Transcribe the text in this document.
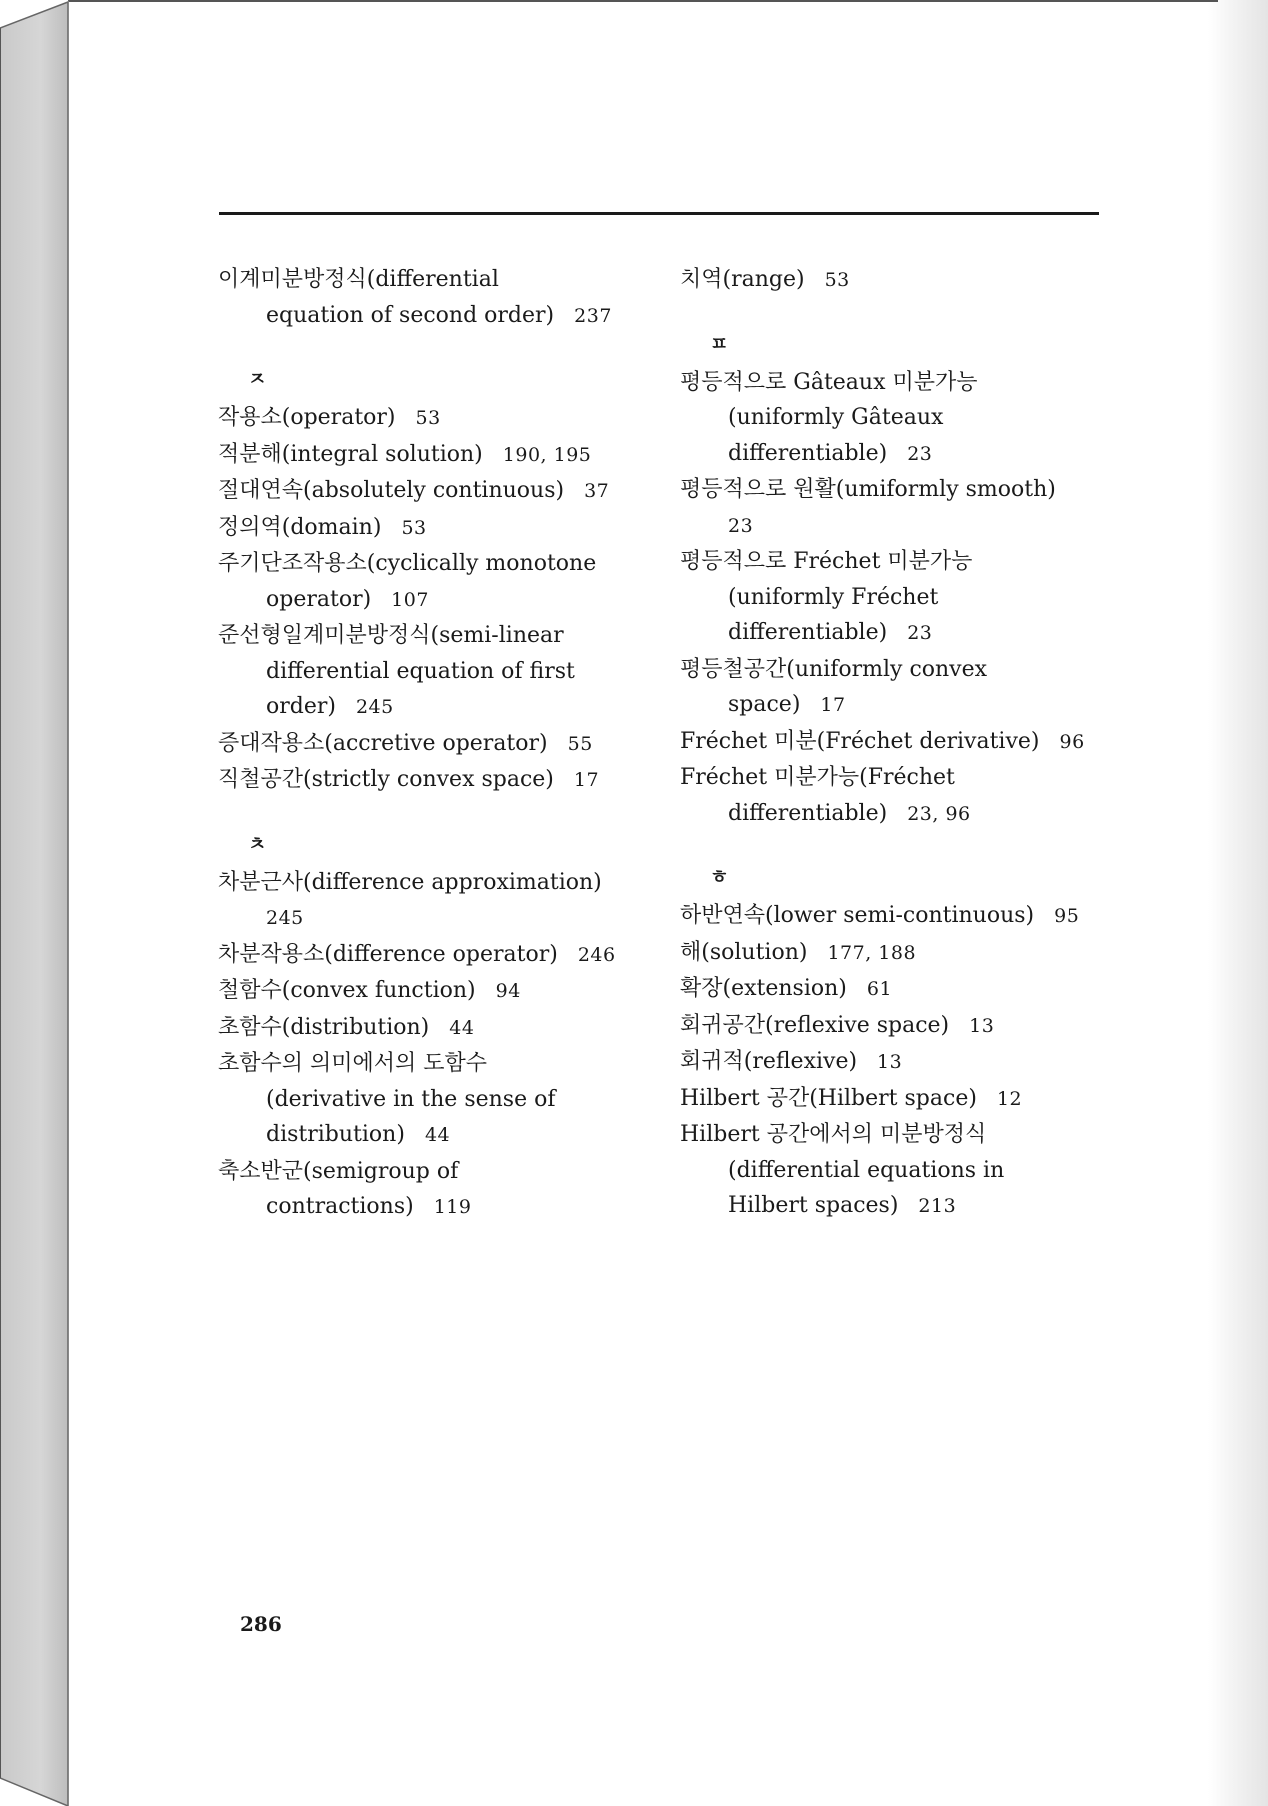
이계미분방정식(differential
equation of second order) 237
ㅈ
작용소(operator) 53
적분해(integral solution) 190, 195
절대연속(absolutely continuous) 37
정의역(domain) 53
주기단조작용소(cyclically monotone
operator) 107
준선형일계미분방정식(semi-linear
differential equation of first
order) 245
증대작용소(accretive operator) 55
직철공간(strictly convex space) 17
ㅊ
차분근사(difference approximation)
245
차분작용소(difference operator) 246
철함수(convex function) 94
초함수(distribution) 44
초함수의 의미에서의 도함수
(derivative in the sense of
distribution) 44
축소반군(semigroup of
contractions) 119
치역(range) 53
ㅍ
평등적으로 Gâteaux 미분가능
(uniformly Gâteaux
differentiable) 23
평등적으로 원활(umiformly smooth)
23
평등적으로 Fréchet 미분가능
(uniformly Fréchet
differentiable) 23
평등철공간(uniformly convex
space) 17
Fréchet 미분(Fréchet derivative) 96
Fréchet 미분가능(Fréchet
differentiable) 23, 96
ㅎ
하반연속(lower semi-continuous) 95
해(solution) 177, 188
확장(extension) 61
회귀공간(reflexive space) 13
회귀적(reflexive) 13
Hilbert 공간(Hilbert space) 12
Hilbert 공간에서의 미분방정식
(differential equations in
Hilbert spaces) 213
286
